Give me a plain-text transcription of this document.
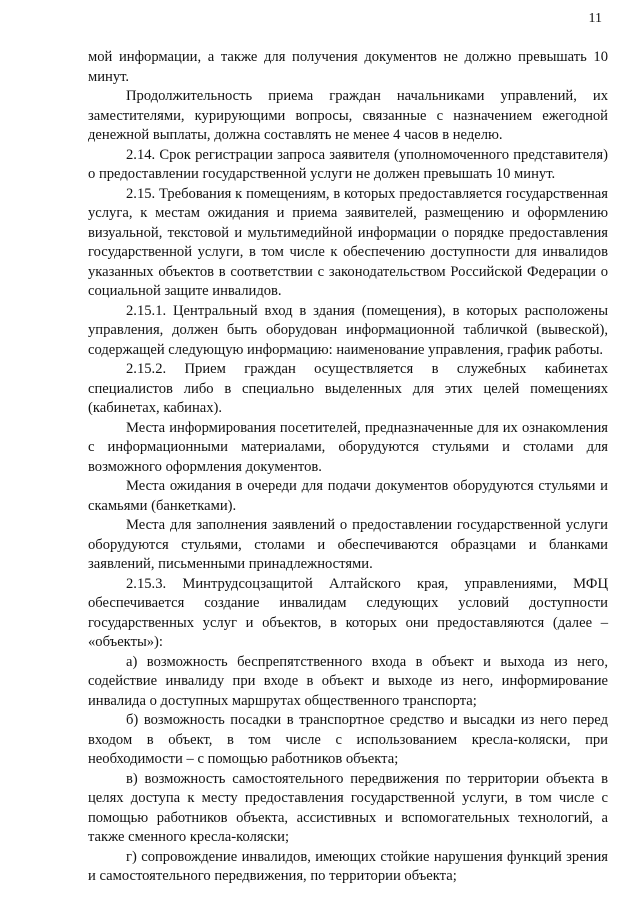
11

мой информации, а также для получения документов не должно превышать 10 минут.

Продолжительность приема граждан начальниками управлений, их заместителями, курирующими вопросы, связанные с назначением ежегодной денежной выплаты, должна составлять не менее 4 часов в неделю.

2.14. Срок регистрации запроса заявителя (уполномоченного представителя) о предоставлении государственной услуги не должен превышать 10 минут.

2.15. Требования к помещениям, в которых предоставляется государственная услуга, к местам ожидания и приема заявителей, размещению и оформлению визуальной, текстовой и мультимедийной информации о порядке предоставления государственной услуги, в том числе к обеспечению доступности для инвалидов указанных объектов в соответствии с законодательством Российской Федерации о социальной защите инвалидов.

2.15.1. Центральный вход в здания (помещения), в которых расположены управления, должен быть оборудован информационной табличкой (вывеской), содержащей следующую информацию: наименование управления, график работы.

2.15.2. Прием граждан осуществляется в служебных кабинетах специалистов либо в специально выделенных для этих целей помещениях (кабинетах, кабинах).

Места информирования посетителей, предназначенные для их ознакомления с информационными материалами, оборудуются стульями и столами для возможного оформления документов.

Места ожидания в очереди для подачи документов оборудуются стульями и скамьями (банкетками).

Места для заполнения заявлений о предоставлении государственной услуги оборудуются стульями, столами и обеспечиваются образцами и бланками заявлений, письменными принадлежностями.

2.15.3. Минтрудсоцзащитой Алтайского края, управлениями, МФЦ обеспечивается создание инвалидам следующих условий доступности государственных услуг и объектов, в которых они предоставляются (далее – «объекты»):

а) возможность беспрепятственного входа в объект и выхода из него, содействие инвалиду при входе в объект и выходе из него, информирование инвалида о доступных маршрутах общественного транспорта;

б) возможность посадки в транспортное средство и высадки из него перед входом в объект, в том числе с использованием кресла-коляски, при необходимости – с помощью работников объекта;

в) возможность самостоятельного передвижения по территории объекта в целях доступа к месту предоставления государственной услуги, в том числе с помощью работников объекта, ассистивных и вспомогательных технологий, а также сменного кресла-коляски;

г) сопровождение инвалидов, имеющих стойкие нарушения функций зрения и самостоятельного передвижения, по территории объекта;
